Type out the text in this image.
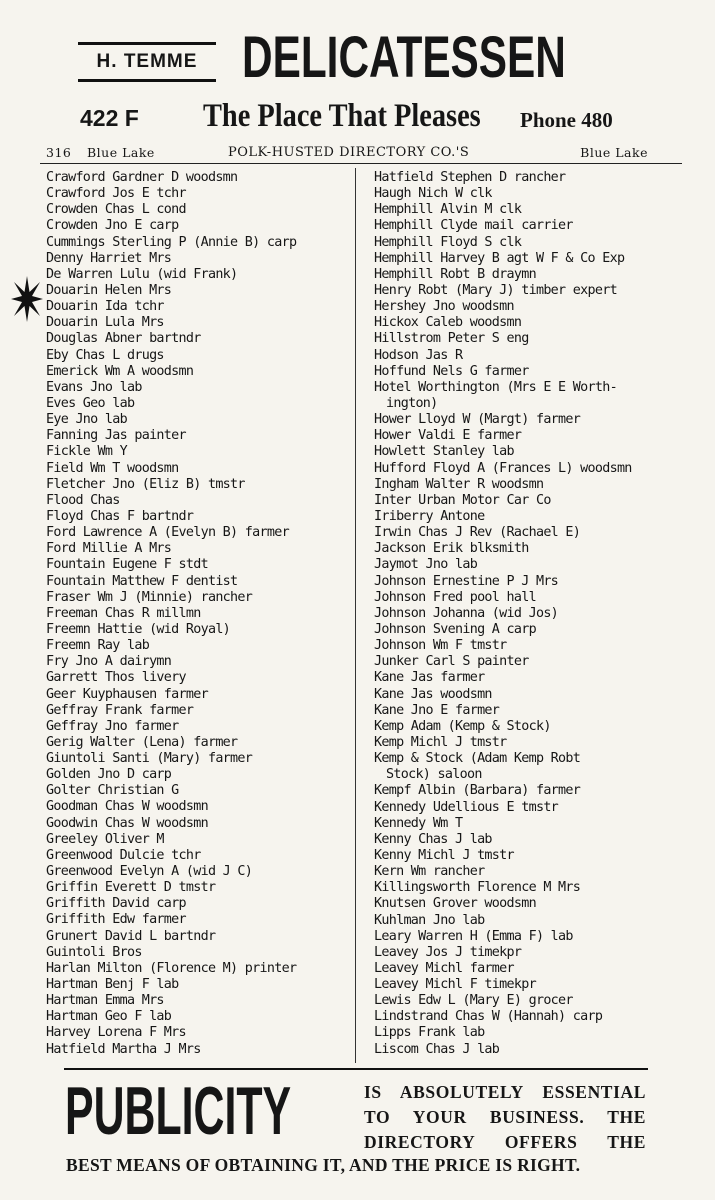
H. TEMME DELICATESSEN
422 F The Place That Pleases Phone 480
316 Blue Lake	POLK-HUSTED DIRECTORY CO.'S	Blue Lake
Crawford Gardner D woodsmn
Crawford Jos E tchr
Crowden Chas L cond
Crowden Jno E carp
Cummings Sterling P (Annie B) carp
Denny Harriet Mrs
De Warren Lulu (wid Frank)
Douarin Helen Mrs
Douarin Ida tchr
Douarin Lula Mrs
Douglas Abner bartndr
Eby Chas L drugs
Emerick Wm A woodsmn
Evans Jno lab
Eves Geo lab
Eye Jno lab
Fanning Jas painter
Fickle Wm Y
Field Wm T woodsmn
Fletcher Jno (Eliz B) tmstr
Flood Chas
Floyd Chas F bartndr
Ford Lawrence A (Evelyn B) farmer
Ford Millie A Mrs
Fountain Eugene F stdt
Fountain Matthew F dentist
Fraser Wm J (Minnie) rancher
Freeman Chas R millmn
Freemn Hattie (wid Royal)
Freemn Ray lab
Fry Jno A dairymn
Garrett Thos livery
Geer Kuyphausen farmer
Geffray Frank farmer
Geffray Jno farmer
Gerig Walter (Lena) farmer
Giuntoli Santi (Mary) farmer
Golden Jno D carp
Golter Christian G
Goodman Chas W woodsmn
Goodwin Chas W woodsmn
Greeley Oliver M
Greenwood Dulcie tchr
Greenwood Evelyn A (wid J C)
Griffin Everett D tmstr
Griffith David carp
Griffith Edw farmer
Grunert David L bartndr
Guintoli Bros
Harlan Milton (Florence M) printer
Hartman Benj F lab
Hartman Emma Mrs
Hartman Geo F lab
Harvey Lorena F Mrs
Hatfield Martha J Mrs
Hatfield Stephen D rancher
Haugh Nich W clk
Hemphill Alvin M clk
Hemphill Clyde mail carrier
Hemphill Floyd S clk
Hemphill Harvey B agt W F & Co Exp
Hemphill Robt B draymn
Henry Robt (Mary J) timber expert
Hershey Jno woodsmn
Hickox Caleb woodsmn
Hillstrom Peter S eng
Hodson Jas R
Hoffund Nels G farmer
Hotel Worthington (Mrs E E Worth-
ington)
Hower Lloyd W (Margt) farmer
Hower Valdi E farmer
Howlett Stanley lab
Hufford Floyd A (Frances L) woodsmn
Ingham Walter R woodsmn
Inter Urban Motor Car Co
Iriberry Antone
Irwin Chas J Rev (Rachael E)
Jackson Erik blksmith
Jaymot Jno lab
Johnson Ernestine P J Mrs
Johnson Fred pool hall
Johnson Johanna (wid Jos)
Johnson Svening A carp
Johnson Wm F tmstr
Junker Carl S painter
Kane Jas farmer
Kane Jas woodsmn
Kane Jno E farmer
Kemp Adam (Kemp & Stock)
Kemp Michl J tmstr
Kemp & Stock (Adam Kemp Robt
Stock) saloon
Kempf Albin (Barbara) farmer
Kennedy Udellious E tmstr
Kennedy Wm T
Kenny Chas J lab
Kenny Michl J tmstr
Kern Wm rancher
Killingsworth Florence M Mrs
Knutsen Grover woodsmn
Kuhlman Jno lab
Leary Warren H (Emma F) lab
Leavey Jos J timekpr
Leavey Michl farmer
Leavey Michl F timekpr
Lewis Edw L (Mary E) grocer
Lindstrand Chas W (Hannah) carp
Lipps Frank lab
Liscom Chas J lab
PUBLICITY	IS ABSOLUTELY ESSENTIAL
TO YOUR BUSINESS. THE
DIRECTORY OFFERS THE
BEST MEANS OF OBTAINING IT, AND THE PRICE IS RIGHT.
